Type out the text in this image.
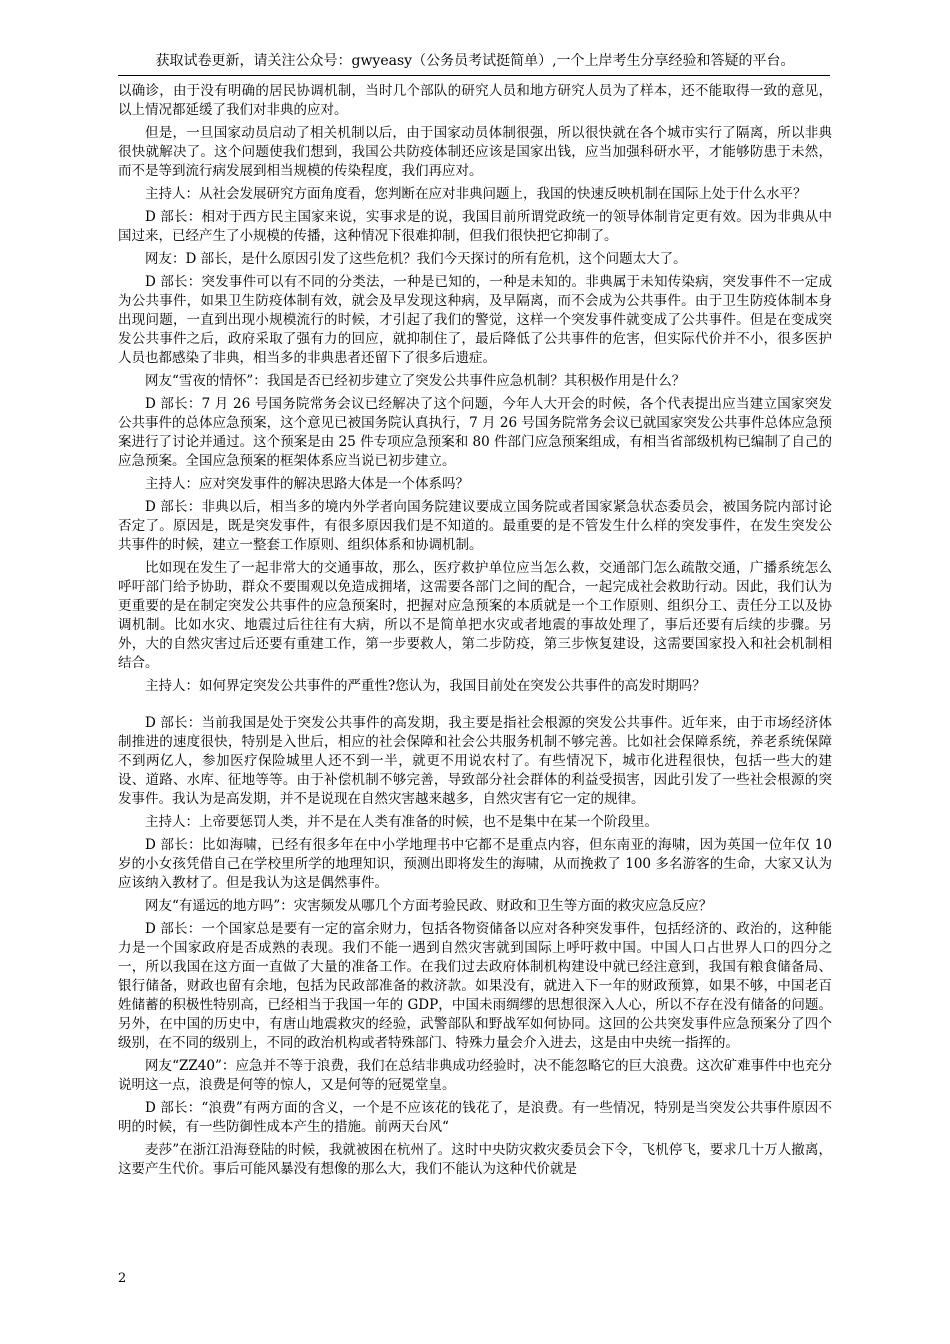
获取试卷更新，请关注公众号：gwyeasy（公务员考试挺简单）,一个上岸考生分享经验和答疑的平台。

以确诊，由于没有明确的居民协调机制，当时几个部队的研究人员和地方研究人员为了样本，还不能取得一致的意见，以上情况都延缓了我们对非典的应对。

但是，一旦国家动员启动了相关机制以后，由于国家动员体制很强，所以很快就在各个城市实行了隔离，所以非典很快就解决了。这个问题使我们想到，我国公共防疫体制还应该是国家出钱，应当加强科研水平，才能够防患于未然，而不是等到流行病发展到相当规模的传染程度，我们再应对。

主持人：从社会发展研究方面角度看，您判断在应对非典问题上，我国的快速反映机制在国际上处于什么水平？

D 部长：相对于西方民主国家来说，实事求是的说，我国目前所谓党政统一的领导体制肯定更有效。因为非典从中国过来，已经产生了小规模的传播，这种情况下很难抑制，但我们很快把它抑制了。

网友：D 部长，是什么原因引发了这些危机？我们今天探讨的所有危机，这个问题太大了。

D 部长：突发事件可以有不同的分类法，一种是已知的，一种是未知的。非典属于未知传染病，突发事件不一定成为公共事件，如果卫生防疫体制有效，就会及早发现这种病，及早隔离，而不会成为公共事件。由于卫生防疫体制本身出现问题，一直到出现小规模流行的时候，才引起了我们的警觉，这样一个突发事件就变成了公共事件。但是在变成突发公共事件之后，政府采取了强有力的回应，就抑制住了，最后降低了公共事件的危害，但实际代价并不小，很多医护人员也都感染了非典，相当多的非典患者还留下了很多后遗症。

网友“雪夜的情怀”：我国是否已经初步建立了突发公共事件应急机制？其积极作用是什么？

D 部长：7 月 26 号国务院常务会议已经解决了这个问题，今年人大开会的时候，各个代表提出应当建立国家突发公共事件的总体应急预案，这个意见已被国务院认真执行，7 月 26 号国务院常务会议已就国家突发公共事件总体应急预案进行了讨论并通过。这个预案是由 25 件专项应急预案和 80 件部门应急预案组成，有相当省部级机构已编制了自己的应急预案。全国应急预案的框架体系应当说已初步建立。

主持人：应对突发事件的解决思路大体是一个体系吗？

D 部长：非典以后，相当多的境内外学者向国务院建议要成立国务院或者国家紧急状态委员会，被国务院内部讨论否定了。原因是，既是突发事件，有很多原因我们是不知道的。最重要的是不管发生什么样的突发事件，在发生突发公共事件的时候，建立一整套工作原则、组织体系和协调机制。

比如现在发生了一起非常大的交通事故，那么，医疗救护单位应当怎么救，交通部门怎么疏散交通，广播系统怎么呼吁部门给予协助，群众不要围观以免造成拥堵，这需要各部门之间的配合，一起完成社会救助行动。因此，我们认为更重要的是在制定突发公共事件的应急预案时，把握对应急预案的本质就是一个工作原则、组织分工、责任分工以及协调机制。比如水灾、地震过后往往有大病，所以不是简单把水灾或者地震的事故处理了，事后还要有后续的步骤。另外，大的自然灾害过后还要有重建工作，第一步要救人，第二步防疫，第三步恢复建设，这需要国家投入和社会机制相结合。

主持人：如何界定突发公共事件的严重性?您认为，我国目前处在突发公共事件的高发时期吗？

D 部长：当前我国是处于突发公共事件的高发期，我主要是指社会根源的突发公共事件。近年来，由于市场经济体制推进的速度很快，特别是入世后，相应的社会保障和社会公共服务机制不够完善。比如社会保障系统，养老系统保障不到两亿人，参加医疗保险城里人还不到一半，就更不用说农村了。有些情况下，城市化进程很快，包括一些大的建设、道路、水库、征地等等。由于补偿机制不够完善，导致部分社会群体的利益受损害，因此引发了一些社会根源的突发事件。我认为是高发期，并不是说现在自然灾害越来越多，自然灾害有它一定的规律。

主持人：上帝要惩罚人类，并不是在人类有准备的时候，也不是集中在某一个阶段里。

D 部长：比如海啸，已经有很多年在中小学地理书中它都不是重点内容，但东南亚的海啸，因为英国一位年仅 10 岁的小女孩凭借自己在学校里所学的地理知识，预测出即将发生的海啸，从而挽救了 100 多名游客的生命，大家又认为应该纳入教材了。但是我认为这是偶然事件。

网友“有遥远的地方吗”：灾害频发从哪几个方面考验民政、财政和卫生等方面的救灾应急反应？

D 部长：一个国家总是要有一定的富余财力，包括各物资储备以应对各种突发事件，包括经济的、政治的，这种能力是一个国家政府是否成熟的表现。我们不能一遇到自然灾害就到国际上呼吁救中国。中国人口占世界人口的四分之一，所以我国在这方面一直做了大量的准备工作。在我们过去政府体制机构建设中就已经注意到，我国有粮食储备局、银行储备，财政也留有余地，包括为民政部准备的救济款。如果没有，就进入下一年的财政预算，如果不够，中国老百姓储蓄的积极性特别高，已经相当于我国一年的 GDP，中国未雨绸缪的思想很深入人心，所以不存在没有储备的问题。另外，在中国的历史中，有唐山地震救灾的经验，武警部队和野战军如何协同。这回的公共突发事件应急预案分了四个级别，在不同的级别上，不同的政治机构或者特殊部门、特殊力量会介入进去，这是由中央统一指挥的。

网友“ZZ40”：应急并不等于浪费，我们在总结非典成功经验时，决不能忽略它的巨大浪费。这次矿难事件中也充分说明这一点，浪费是何等的惊人，又是何等的冠冕堂皇。

D 部长：“浪费”有两方面的含义，一个是不应该花的钱花了，是浪费。有一些情况，特别是当突发公共事件原因不明的时候，有一些防御性成本产生的措施。前两天台风“

麦莎”在浙江沿海登陆的时候，我就被困在杭州了。这时中央防灾救灾委员会下令，飞机停飞，要求几十万人撤离，这要产生代价。事后可能风暴没有想像的那么大，我们不能认为这种代价就是

2
